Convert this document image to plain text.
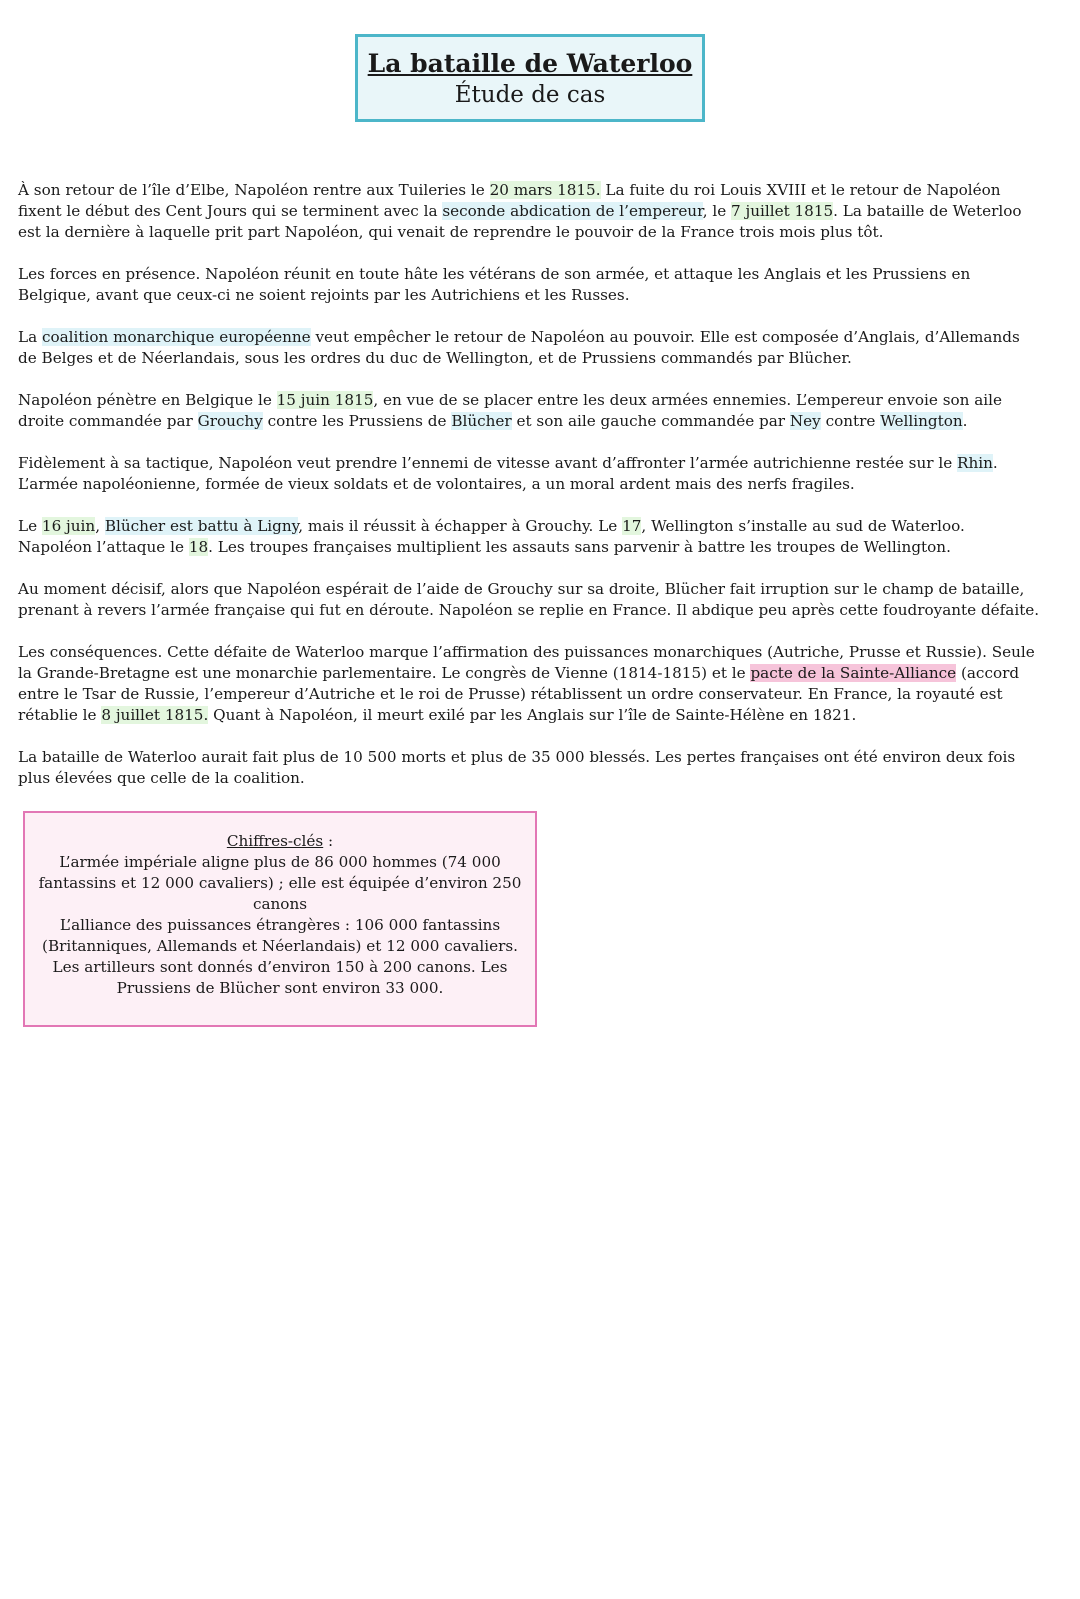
La bataille de Waterloo
Étude de cas

À son retour de l’île d’Elbe, Napoléon rentre aux Tuileries le 20 mars 1815. La fuite du roi Louis XVIII et le retour de Napoléon fixent le début des Cent Jours qui se terminent avec la seconde abdication de l’empereur, le 7 juillet 1815. La bataille de Weterloo est la dernière à laquelle prit part Napoléon, qui venait de reprendre le pouvoir de la France trois mois plus tôt.

Les forces en présence. Napoléon réunit en toute hâte les vétérans de son armée, et attaque les Anglais et les Prussiens en Belgique, avant que ceux-ci ne soient rejoints par les Autrichiens et les Russes.

La coalition monarchique européenne veut empêcher le retour de Napoléon au pouvoir. Elle est composée d’Anglais, d’Allemands de Belges et de Néerlandais, sous les ordres du duc de Wellington, et de Prussiens commandés par Blücher.

Napoléon pénètre en Belgique le 15 juin 1815, en vue de se placer entre les deux armées ennemies. L’empereur envoie son aile droite commandée par Grouchy contre les Prussiens de Blücher et son aile gauche commandée par Ney contre Wellington.

Fidèlement à sa tactique, Napoléon veut prendre l’ennemi de vitesse avant d’affronter l’armée autrichienne restée sur le Rhin. L’armée napoléonienne, formée de vieux soldats et de volontaires, a un moral ardent mais des nerfs fragiles.

Le 16 juin, Blücher est battu à Ligny, mais il réussit à échapper à Grouchy. Le 17, Wellington s’installe au sud de Waterloo. Napoléon l’attaque le 18. Les troupes françaises multiplient les assauts sans parvenir à battre les troupes de Wellington.

Au moment décisif, alors que Napoléon espérait de l’aide de Grouchy sur sa droite, Blücher fait irruption sur le champ de bataille, prenant à revers l’armée française qui fut en déroute. Napoléon se replie en France. Il abdique peu après cette foudroyante défaite.

Les conséquences. Cette défaite de Waterloo marque l’affirmation des puissances monarchiques (Autriche, Prusse et Russie). Seule la Grande-Bretagne est une monarchie parlementaire. Le congrès de Vienne (1814-1815) et le pacte de la Sainte-Alliance (accord entre le Tsar de Russie, l’empereur d’Autriche et le roi de Prusse) rétablissent un ordre conservateur. En France, la royauté est rétablie le 8 juillet 1815. Quant à Napoléon, il meurt exilé par les Anglais sur l’île de Sainte-Hélène en 1821.

La bataille de Waterloo aurait fait plus de 10 500 morts et plus de 35 000 blessés. Les pertes françaises ont été environ deux fois plus élevées que celle de la coalition.

Chiffres-clés :
L’armée impériale aligne plus de 86 000 hommes (74 000 fantassins et 12 000 cavaliers) ; elle est équipée d’environ 250 canons
L’alliance des puissances étrangères : 106 000 fantassins (Britanniques, Allemands et Néerlandais) et 12 000 cavaliers. Les artilleurs sont donnés d’environ 150 à 200 canons. Les Prussiens de Blücher sont environ 33 000.
